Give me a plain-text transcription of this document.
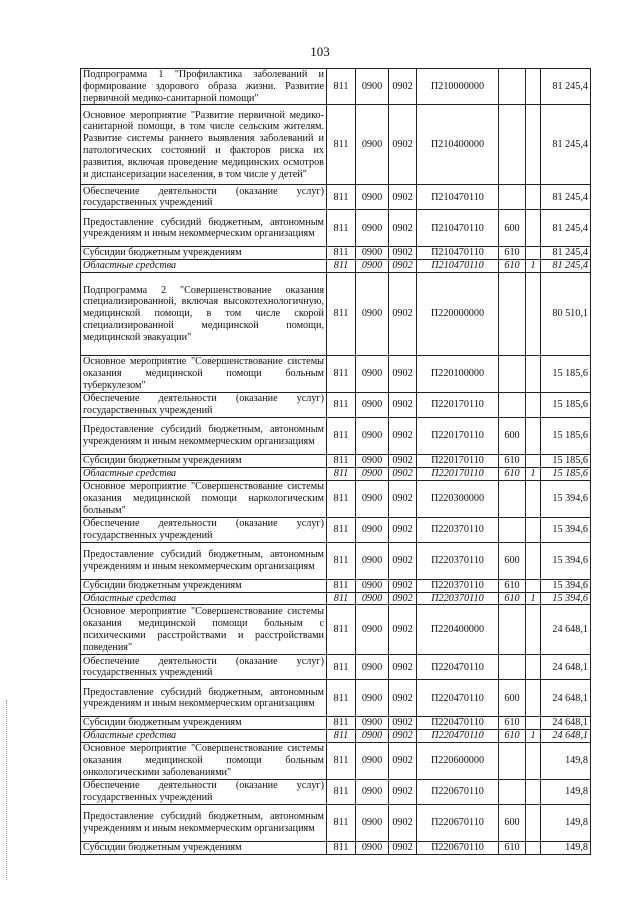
103
Подпрограмма 1 "Профилактика заболеваний и формирование здорового образа жизни. Развитие первичной медико-санитарной помощи"	811	0900	0902	П210000000			81 245,4
Основное мероприятие "Развитие первичной медико-санитарной помощи, в том числе сельским жителям. Развитие системы раннего выявления заболеваний и патологических состояний и факторов риска их развития, включая проведение медицинских осмотров и диспансеризации населения, в том числе у детей"	811	0900	0902	П210400000			81 245,4
Обеспечение деятельности (оказание услуг) государственных учреждений	811	0900	0902	П210470110			81 245,4
Предоставление субсидий бюджетным, автономным учреждениям и иным некоммерческим организациям	811	0900	0902	П210470110	600		81 245,4
Субсидии бюджетным учреждениям	811	0900	0902	П210470110	610		81 245,4
Областные средства	811	0900	0902	П210470110	610	1	81 245,4
Подпрограмма 2 "Совершенствование оказания специализированной, включая высокотехнологичную, медицинской помощи, в том числе скорой специализированной медицинской помощи, медицинской эвакуации"	811	0900	0902	П220000000			80 510,1
Основное мероприятие "Совершенствование системы оказания медицинской помощи больным туберкулезом"	811	0900	0902	П220100000			15 185,6
Обеспечение деятельности (оказание услуг) государственных учреждений	811	0900	0902	П220170110			15 185,6
Предоставление субсидий бюджетным, автономным учреждениям и иным некоммерческим организациям	811	0900	0902	П220170110	600		15 185,6
Субсидии бюджетным учреждениям	811	0900	0902	П220170110	610		15 185,6
Областные средства	811	0900	0902	П220170110	610	1	15 185,6
Основное мероприятие "Совершенствование системы оказания медицинской помощи наркологическим больным"	811	0900	0902	П220300000			15 394,6
Обеспечение деятельности (оказание услуг) государственных учреждений	811	0900	0902	П220370110			15 394,6
Предоставление субсидий бюджетным, автономным учреждениям и иным некоммерческим организациям	811	0900	0902	П220370110	600		15 394,6
Субсидии бюджетным учреждениям	811	0900	0902	П220370110	610		15 394,6
Областные средства	811	0900	0902	П220370110	610	1	15 394,6
Основное мероприятие "Совершенствование системы оказания медицинской помощи больным с психическими расстройствами и расстройствами поведения"	811	0900	0902	П220400000			24 648,1
Обеспечение деятельности (оказание услуг) государственных учреждений	811	0900	0902	П220470110			24 648,1
Предоставление субсидий бюджетным, автономным учреждениям и иным некоммерческим организациям	811	0900	0902	П220470110	600		24 648,1
Субсидии бюджетным учреждениям	811	0900	0902	П220470110	610		24 648,1
Областные средства	811	0900	0902	П220470110	610	1	24 648,1
Основное мероприятие "Совершенствование системы оказания медицинской помощи больным онкологическими заболеваниями"	811	0900	0902	П220600000			149,8
Обеспечение деятельности (оказание услуг) государственных учреждений	811	0900	0902	П220670110			149,8
Предоставление субсидий бюджетным, автономным учреждениям и иным некоммерческим организациям	811	0900	0902	П220670110	600		149,8
Субсидии бюджетным учреждениям	811	0900	0902	П220670110	610		149,8
